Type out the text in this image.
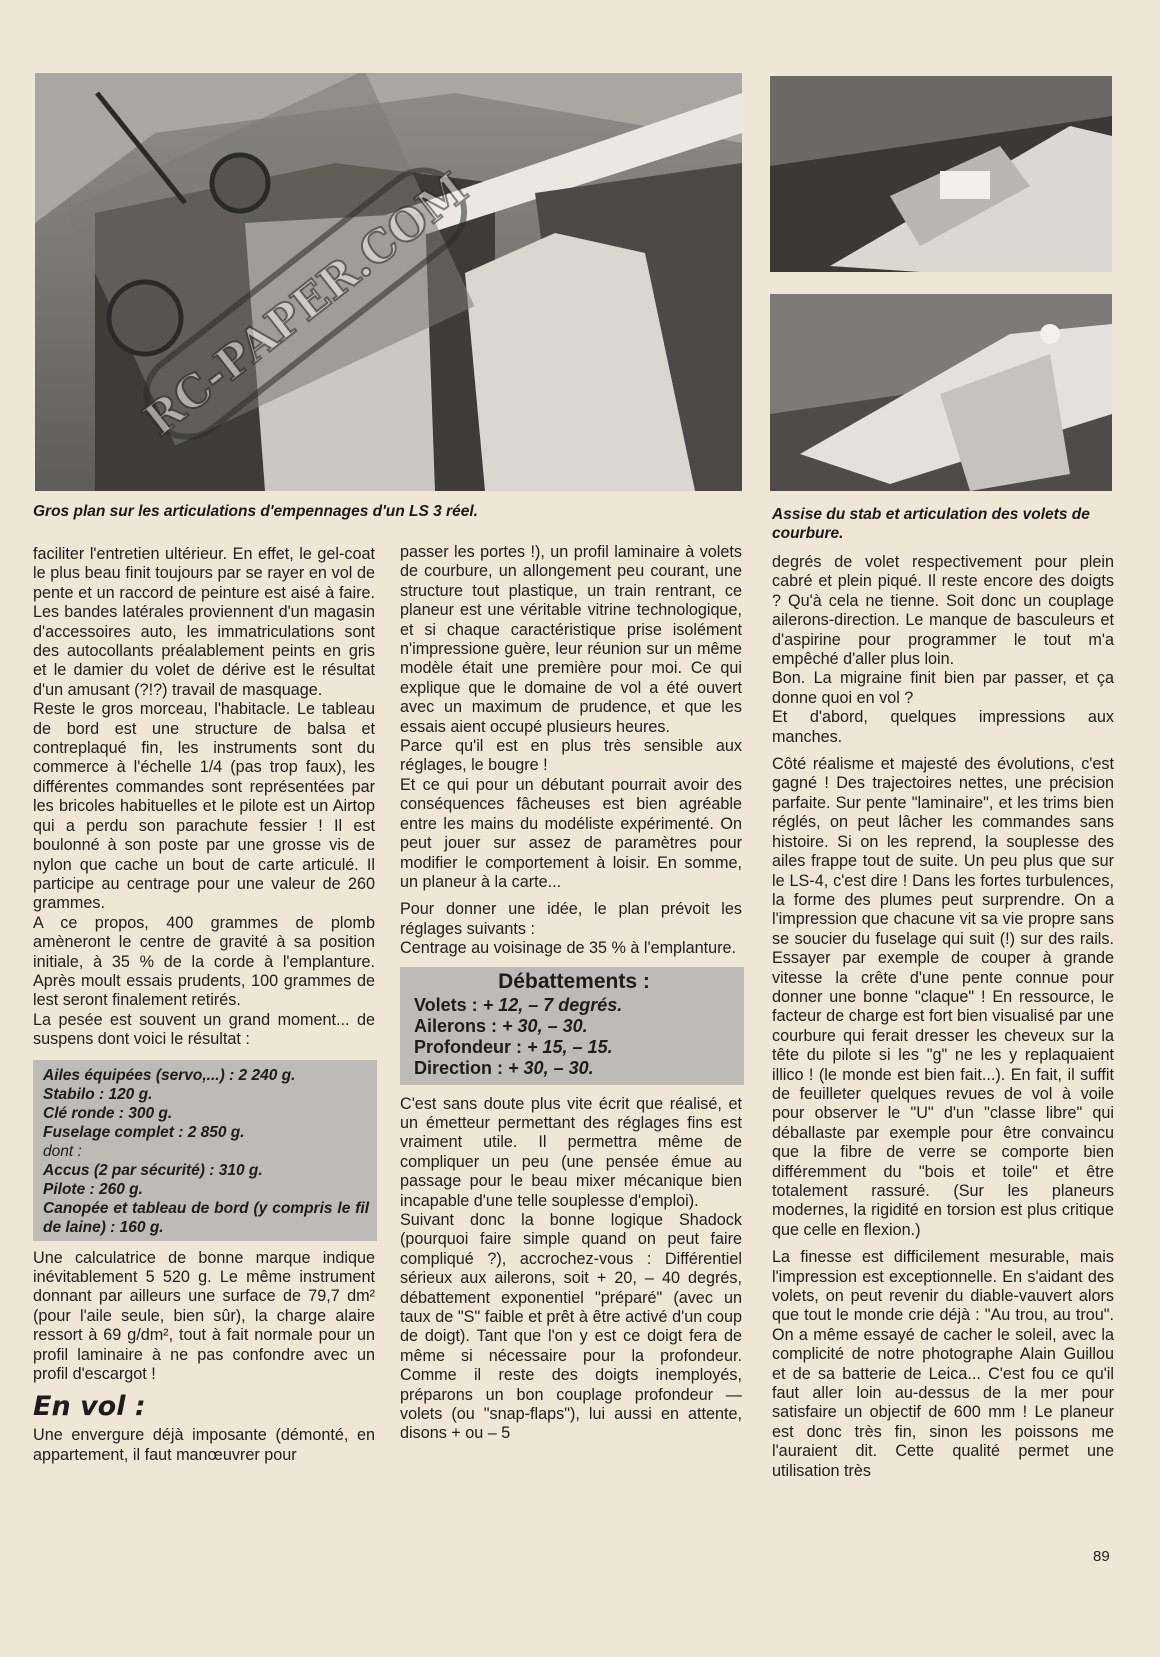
RC-PAPER.COM
Gros plan sur les articulations d'empennages d'un LS 3 réel.	Assise du stab et articulation des volets de courbure.

faciliter l'entretien ultérieur. En effet, le gel-coat le plus beau finit toujours par se rayer en vol de pente et un raccord de peinture est aisé à faire. Les bandes latérales proviennent d'un magasin d'accessoires auto, les immatriculations sont des autocollants préalablement peints en gris et le damier du volet de dérive est le résultat d'un amusant (?!?) travail de masquage.

Reste le gros morceau, l'habitacle. Le tableau de bord est une structure de balsa et contreplaqué fin, les instruments sont du commerce à l'échelle 1/4 (pas trop faux), les différentes commandes sont représentées par les bricoles habituelles et le pilote est un Airtop qui a perdu son parachute fessier ! Il est boulonné à son poste par une grosse vis de nylon que cache un bout de carte articulé. Il participe au centrage pour une valeur de 260 grammes.

A ce propos, 400 grammes de plomb amèneront le centre de gravité à sa position initiale, à 35 % de la corde à l'emplanture. Après moult essais prudents, 100 grammes de lest seront finalement retirés.

La pesée est souvent un grand moment... de suspens dont voici le résultat :

Ailes équipées (servo,...) : 2 240 g.
Stabilo : 120 g.
Clé ronde : 300 g.
Fuselage complet : 2 850 g.
dont :
Accus (2 par sécurité) : 310 g.
Pilote : 260 g.
Canopée et tableau de bord (y compris le fil de laine) : 160 g.

Une calculatrice de bonne marque indique inévitablement 5 520 g. Le même instrument donnant par ailleurs une surface de 79,7 dm² (pour l'aile seule, bien sûr), la charge alaire ressort à 69 g/dm², tout à fait normale pour un profil laminaire à ne pas confondre avec un profil d'escargot !

En vol :

Une envergure déjà imposante (démonté, en appartement, il faut manœuvrer pour

passer les portes !), un profil laminaire à volets de courbure, un allongement peu courant, une structure tout plastique, un train rentrant, ce planeur est une véritable vitrine technologique, et si chaque caractéristique prise isolément n'impressione guère, leur réunion sur un même modèle était une première pour moi. Ce qui explique que le domaine de vol a été ouvert avec un maximum de prudence, et que les essais aient occupé plusieurs heures.

Parce qu'il est en plus très sensible aux réglages, le bougre !

Et ce qui pour un débutant pourrait avoir des conséquences fâcheuses est bien agréable entre les mains du modéliste expérimenté. On peut jouer sur assez de paramètres pour modifier le comportement à loisir. En somme, un planeur à la carte...

Pour donner une idée, le plan prévoit les réglages suivants :

Centrage au voisinage de 35 % à l'emplanture.

Débattements :
Volets : + 12, – 7 degrés.
Ailerons : + 30, – 30.
Profondeur : + 15, – 15.
Direction : + 30, – 30.

C'est sans doute plus vite écrit que réalisé, et un émetteur permettant des réglages fins est vraiment utile. Il permettra même de compliquer un peu (une pensée émue au passage pour le beau mixer mécanique bien incapable d'une telle souplesse d'emploi).

Suivant donc la bonne logique Shadock (pourquoi faire simple quand on peut faire compliqué ?), accrochez-vous : Différentiel sérieux aux ailerons, soit + 20, – 40 degrés, débattement exponentiel "préparé" (avec un taux de "S" faible et prêt à être activé d'un coup de doigt). Tant que l'on y est ce doigt fera de même si nécessaire pour la profondeur. Comme il reste des doigts inemployés, préparons un bon couplage profondeur — volets (ou "snap-flaps"), lui aussi en attente, disons + ou – 5

degrés de volet respectivement pour plein cabré et plein piqué. Il reste encore des doigts ? Qu'à cela ne tienne. Soit donc un couplage ailerons-direction. Le manque de basculeurs et d'aspirine pour programmer le tout m'a empêché d'aller plus loin.

Bon. La migraine finit bien par passer, et ça donne quoi en vol ?

Et d'abord, quelques impressions aux manches.

Côté réalisme et majesté des évolutions, c'est gagné ! Des trajectoires nettes, une précision parfaite. Sur pente "laminaire", et les trims bien réglés, on peut lâcher les commandes sans histoire. Si on les reprend, la souplesse des ailes frappe tout de suite. Un peu plus que sur le LS-4, c'est dire ! Dans les fortes turbulences, la forme des plumes peut surprendre. On a l'impression que chacune vit sa vie propre sans se soucier du fuselage qui suit (!) sur des rails. Essayer par exemple de couper à grande vitesse la crête d'une pente connue pour donner une bonne "claque" ! En ressource, le facteur de charge est fort bien visualisé par une courbure qui ferait dresser les cheveux sur la tête du pilote si les "g" ne les y replaquaient illico ! (le monde est bien fait...). En fait, il suffit de feuilleter quelques revues de vol à voile pour observer le "U" d'un "classe libre" qui déballaste par exemple pour être convaincu que la fibre de verre se comporte bien différemment du "bois et toile" et être totalement rassuré. (Sur les planeurs modernes, la rigidité en torsion est plus critique que celle en flexion.)

La finesse est difficilement mesurable, mais l'impression est exceptionnelle. En s'aidant des volets, on peut revenir du diable-vauvert alors que tout le monde crie déjà : "Au trou, au trou". On a même essayé de cacher le soleil, avec la complicité de notre photographe Alain Guillou et de sa batterie de Leica... C'est fou ce qu'il faut aller loin au-dessus de la mer pour satisfaire un objectif de 600 mm ! Le planeur est donc très fin, sinon les poissons me l'auraient dit. Cette qualité permet une utilisation très

89
